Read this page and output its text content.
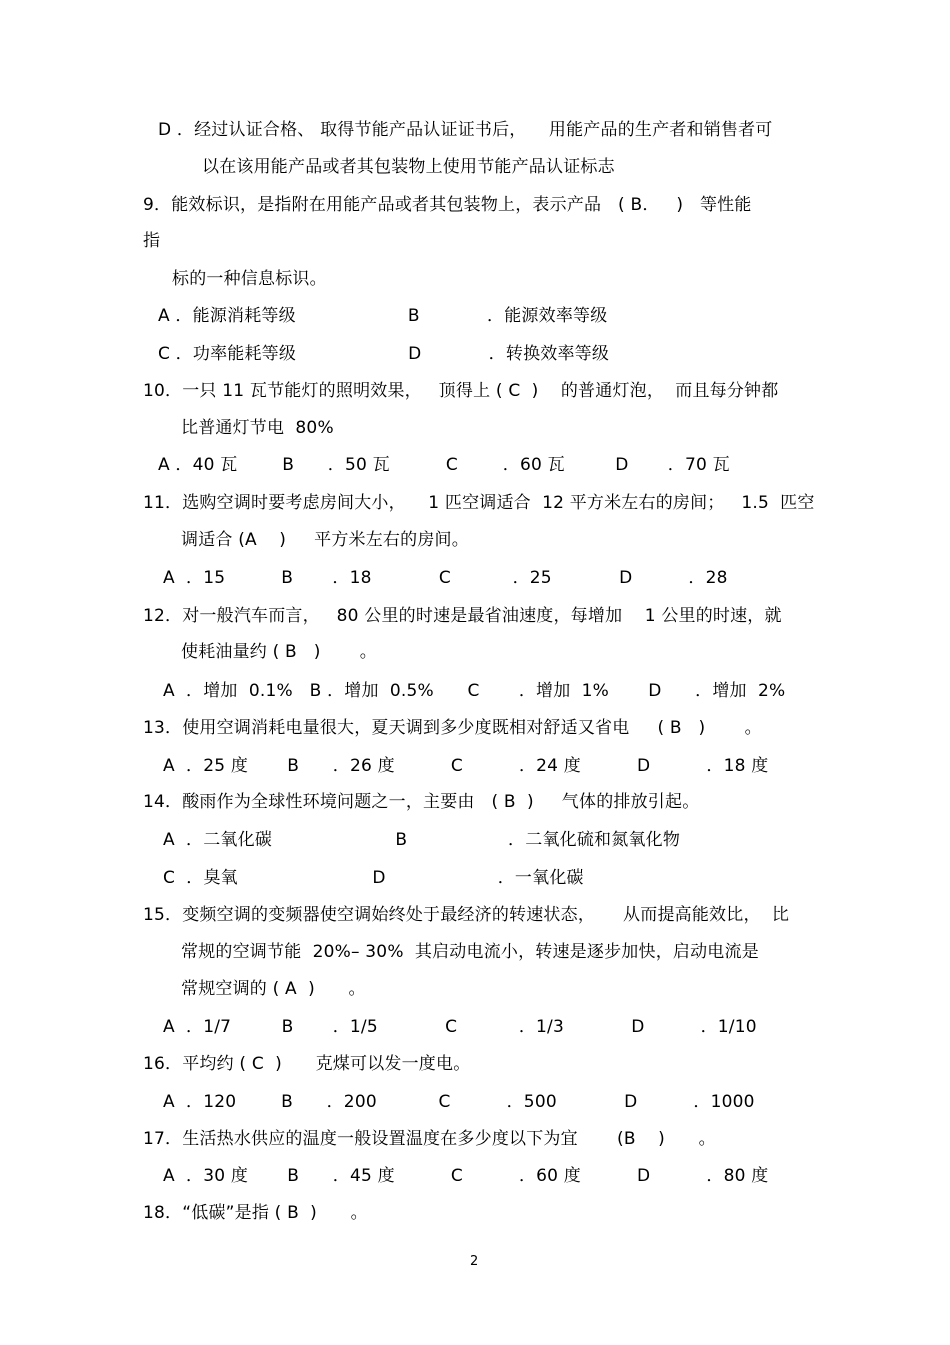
D ．经过认证合格、 取得节能产品认证证书后，    用能产品的生产者和销售者可
以在该用能产品或者其包装物上使用节能产品认证标志
9．能效标识，是指附在用能产品或者其包装物上，表示产品   ( B．   )   等性能
指
标的一种信息标识。
A ．能源消耗等级                    B            ．能源效率等级
C ．功率能耗等级                    D            ．转换效率等级
10．一只 11 瓦节能灯的照明效果，   顶得上 ( C  )    的普通灯泡，  而且每分钟都
比普通灯节电  80%
A ．40 瓦        B      ．50 瓦          C        ．60 瓦         D       ．70 瓦
11．选购空调时要考虑房间大小，    1 匹空调适合  12 平方米左右的房间；   1.5  匹空
调适合 (A    )     平方米左右的房间。
A  ．15          B       ．18            C           ．25            D          ．28
12．对一般汽车而言，   80 公里的时速是最省油速度，每增加    1 公里的时速，就
使耗油量约 ( B   )       。
A  ．增加  0.1%   B ．增加  0.5%      C       ．增加  1%       D      ．增加  2%
13．使用空调消耗电量很大，夏天调到多少度既相对舒适又省电     ( B   )       。
A  ．25 度       B      ．26 度          C          ．24 度          D          ．18 度
14．酸雨作为全球性环境问题之一，主要由   ( B  )     气体的排放引起。
A  ．二氧化碳                      B                  ．二氧化硫和氮氧化物
C  ．臭氧                        D                    ．一氧化碳
15．变频空调的变频器使空调始终处于最经济的转速状态，     从而提高能效比，  比
常规的空调节能  20%– 30%  其启动电流小，转速是逐步加快，启动电流是
常规空调的 ( A  )      。
A  ．1/7         B       ．1/5            C           ．1/3            D          ．1/10
16．平均约 ( C  )      克煤可以发一度电。
A  ．120        B      ．200           C          ．500            D          ．1000
17．生活热水供应的温度一般设置温度在多少度以下为宜       (B    )      。
A  ．30 度       B      ．45 度          C          ．60 度          D          ．80 度
18．“低碳”是指 ( B  )      。
2
